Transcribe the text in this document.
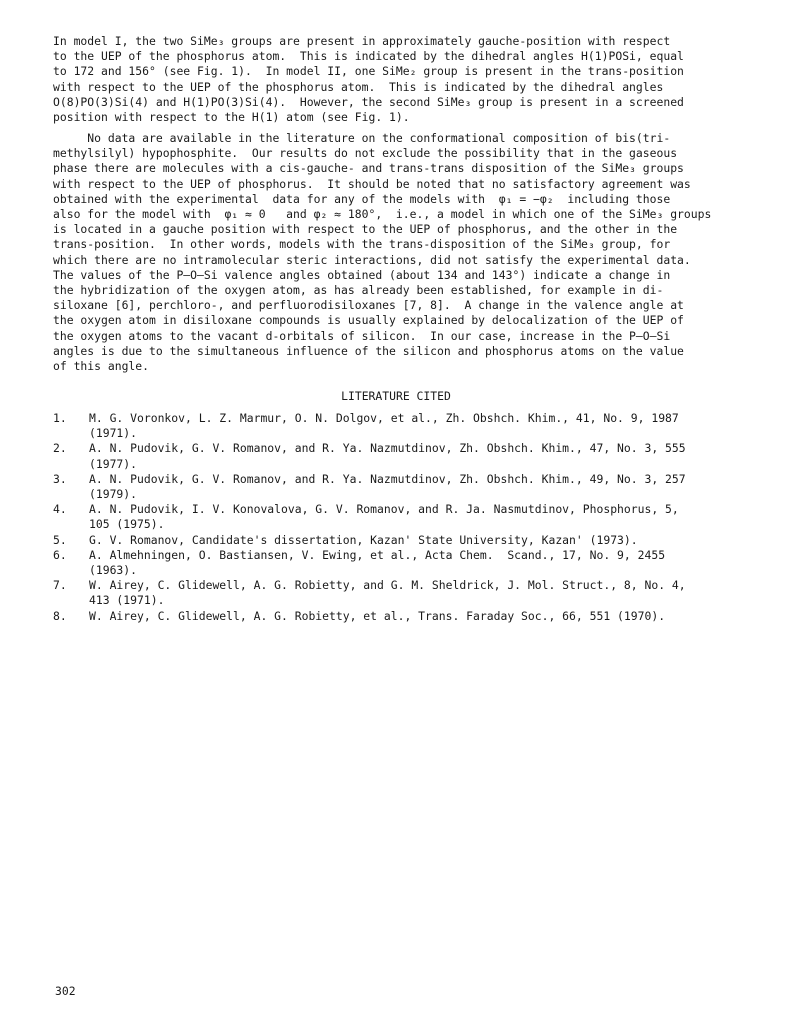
In model I, the two SiMe₃ groups are present in approximately gauche-position with respect
to the UEP of the phosphorus atom.  This is indicated by the dihedral angles H(1)POSi, equal
to 172 and 156° (see Fig. 1).  In model II, one SiMe₂ group is present in the trans-position
with respect to the UEP of the phosphorus atom.  This is indicated by the dihedral angles
O(8)PO(3)Si(4) and H(1)PO(3)Si(4).  However, the second SiMe₃ group is present in a screened
position with respect to the H(1) atom (see Fig. 1).

No data are available in the literature on the conformational composition of bis(tri-
methylsilyl) hypophosphite.  Our results do not exclude the possibility that in the gaseous
phase there are molecules with a cis-gauche- and trans-trans disposition of the SiMe₃ groups
with respect to the UEP of phosphorus.  It should be noted that no satisfactory agreement was
obtained with the experimental  data for any of the models with  φ₁ = −φ₂  including those
also for the model with  φ₁ ≈ 0   and φ₂ ≈ 180°,  i.e., a model in which one of the SiMe₃ groups
is located in a gauche position with respect to the UEP of phosphorus, and the other in the
trans-position.  In other words, models with the trans-disposition of the SiMe₃ group, for
which there are no intramolecular steric interactions, did not satisfy the experimental data.
The values of the P—O—Si valence angles obtained (about 134 and 143°) indicate a change in
the hybridization of the oxygen atom, as has already been established, for example in di-
siloxane [6], perchloro-, and perfluorodisiloxanes [7, 8].  A change in the valence angle at
the oxygen atom in disiloxane compounds is usually explained by delocalization of the UEP of
the oxygen atoms to the vacant d-orbitals of silicon.  In our case, increase in the P—O—Si
angles is due to the simultaneous influence of the silicon and phosphorus atoms on the value
of this angle.

LITERATURE CITED

1. M. G. Voronkov, L. Z. Marmur, O. N. Dolgov, et al., Zh. Obshch. Khim., 41, No. 9, 1987
(1971).
2. A. N. Pudovik, G. V. Romanov, and R. Ya. Nazmutdinov, Zh. Obshch. Khim., 47, No. 3, 555
(1977).
3. A. N. Pudovik, G. V. Romanov, and R. Ya. Nazmutdinov, Zh. Obshch. Khim., 49, No. 3, 257
(1979).
4. A. N. Pudovik, I. V. Konovalova, G. V. Romanov, and R. Ja. Nasmutdinov, Phosphorus, 5,
105 (1975).
5. G. V. Romanov, Candidate's dissertation, Kazan' State University, Kazan' (1973).
6. A. Almehningen, O. Bastiansen, V. Ewing, et al., Acta Chem.  Scand., 17, No. 9, 2455
(1963).
7. W. Airey, C. Glidewell, A. G. Robietty, and G. M. Sheldrick, J. Mol. Struct., 8, No. 4,
413 (1971).
8. W. Airey, C. Glidewell, A. G. Robietty, et al., Trans. Faraday Soc., 66, 551 (1970).

302
